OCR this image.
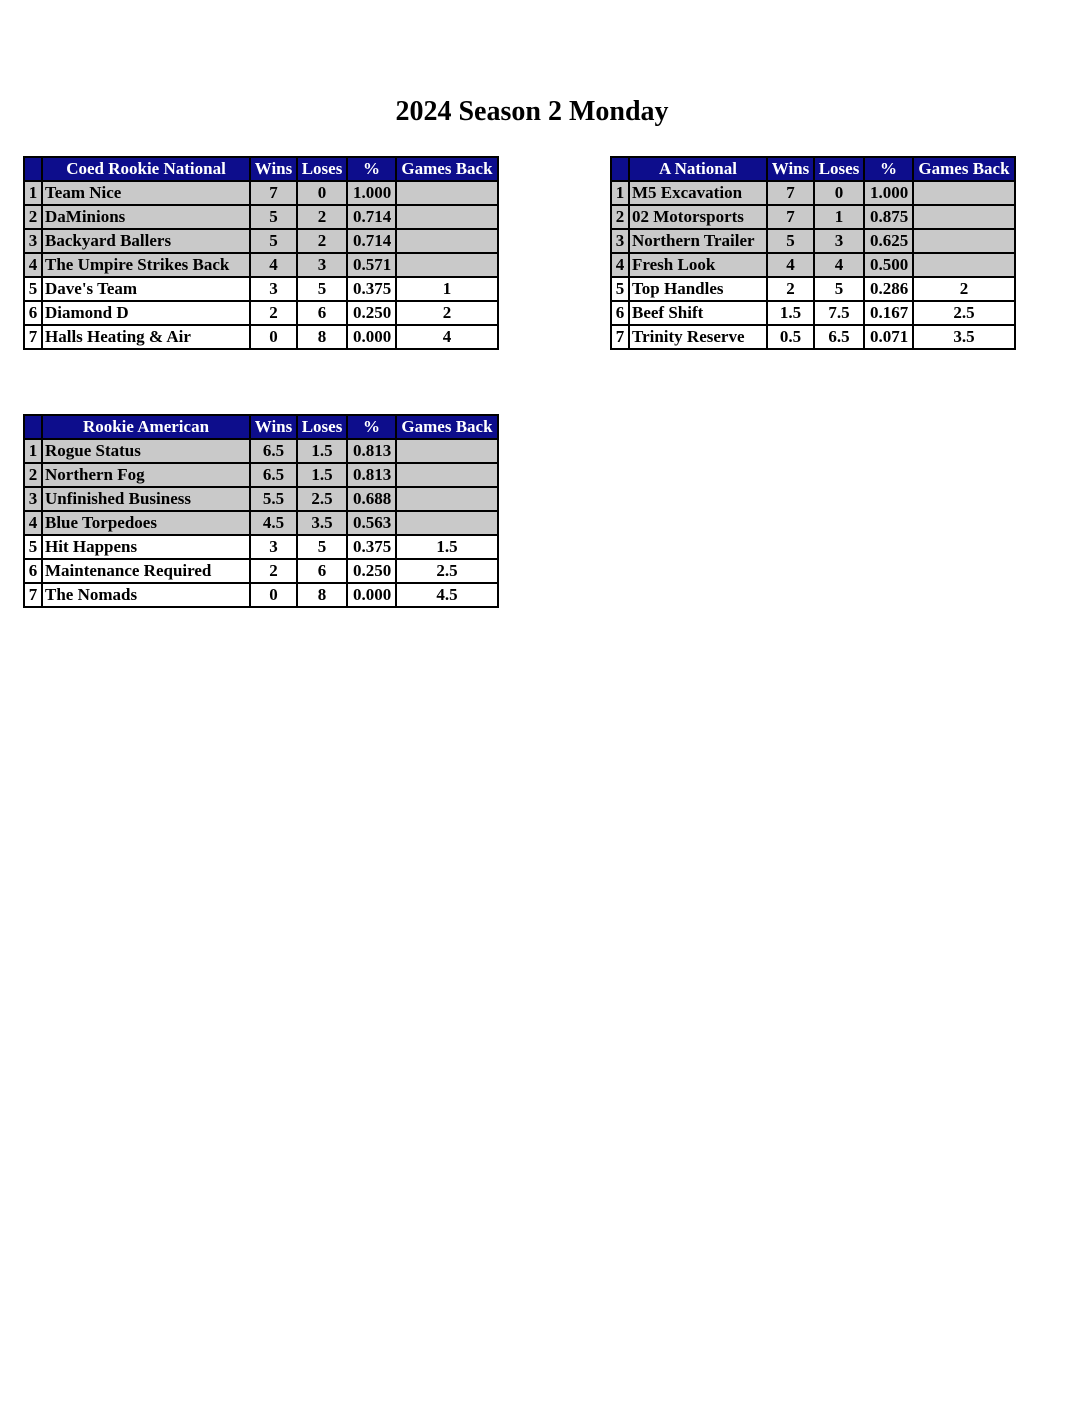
2024 Season 2 Monday
	Coed Rookie National	Wins	Loses	%	Games Back
1	Team Nice	7	0	1.000	
2	DaMinions	5	2	0.714	
3	Backyard Ballers	5	2	0.714	
4	The Umpire Strikes Back	4	3	0.571	
5	Dave's Team	3	5	0.375	1
6	Diamond D	2	6	0.250	2
7	Halls Heating & Air	0	8	0.000	4
	A National	Wins	Loses	%	Games Back
1	M5 Excavation	7	0	1.000	
2	02 Motorsports	7	1	0.875	
3	Northern Trailer	5	3	0.625	
4	Fresh Look	4	4	0.500	
5	Top Handles	2	5	0.286	2
6	Beef Shift	1.5	7.5	0.167	2.5
7	Trinity Reserve	0.5	6.5	0.071	3.5
	Rookie American	Wins	Loses	%	Games Back
1	Rogue Status	6.5	1.5	0.813	
2	Northern Fog	6.5	1.5	0.813	
3	Unfinished Business	5.5	2.5	0.688	
4	Blue Torpedoes	4.5	3.5	0.563	
5	Hit Happens	3	5	0.375	1.5
6	Maintenance Required	2	6	0.250	2.5
7	The Nomads	0	8	0.000	4.5
